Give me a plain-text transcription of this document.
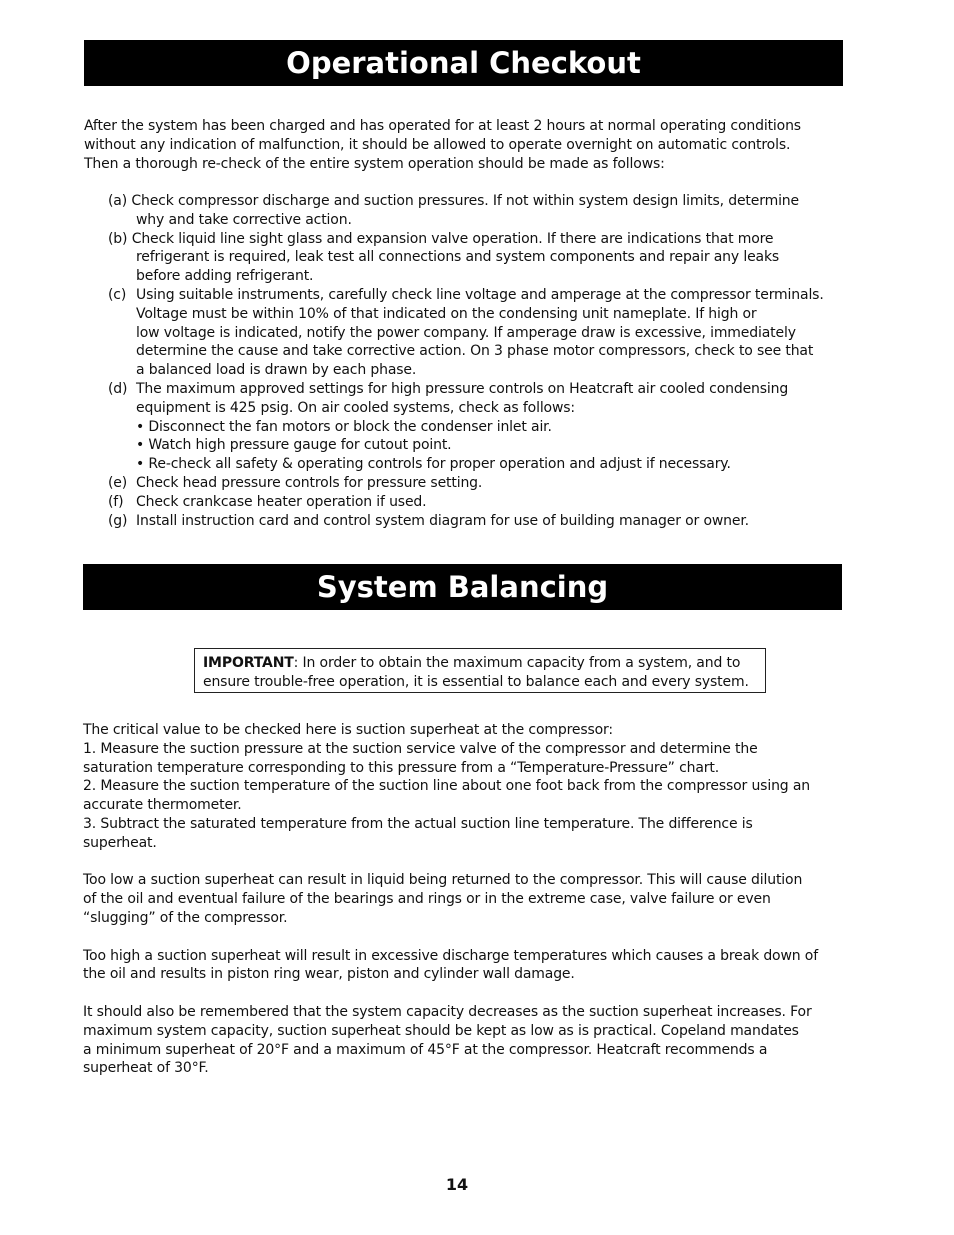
Operational Checkout

After the system has been charged and has operated for at least 2 hours at normal operating conditions

without any indication of malfunction, it should be allowed to operate overnight on automatic controls.

Then a thorough re-check of the entire system operation should be made as follows:

(a) Check compressor discharge and suction pressures. If not within system design limits, determine

why and take corrective action.

(b) Check liquid line sight glass and expansion valve operation. If there are indications that more

refrigerant is required, leak test all connections and system components and repair any leaks

before adding refrigerant.

(c) Using suitable instruments, carefully check line voltage and amperage at the compressor terminals.

Voltage must be within 10% of that indicated on the condensing unit nameplate. If high or

low voltage is indicated, notify the power company. If amperage draw is excessive, immediately

determine the cause and take corrective action. On 3 phase motor compressors, check to see that

a balanced load is drawn by each phase.

(d) The maximum approved settings for high pressure controls on Heatcraft air cooled condensing

equipment is 425 psig. On air cooled systems, check as follows:

• Disconnect the fan motors or block the condenser inlet air.

• Watch high pressure gauge for cutout point.

• Re-check all safety & operating controls for proper operation and adjust if necessary.

(e) Check head pressure controls for pressure setting.

(f) Check crankcase heater operation if used.

(g) Install instruction card and control system diagram for use of building manager or owner.

System Balancing

IMPORTANT: In order to obtain the maximum capacity from a system, and to

ensure trouble-free operation, it is essential to balance each and every system.

The critical value to be checked here is suction superheat at the compressor:

1. Measure the suction pressure at the suction service valve of the compressor and determine the

saturation temperature corresponding to this pressure from a “Temperature-Pressure” chart.

2. Measure the suction temperature of the suction line about one foot back from the compressor using an

accurate thermometer.

3. Subtract the saturated temperature from the actual suction line temperature. The difference is

superheat.

Too low a suction superheat can result in liquid being returned to the compressor. This will cause dilution

of the oil and eventual failure of the bearings and rings or in the extreme case, valve failure or even

“slugging” of the compressor.

Too high a suction superheat will result in excessive discharge temperatures which causes a break down of

the oil and results in piston ring wear, piston and cylinder wall damage.

It should also be remembered that the system capacity decreases as the suction superheat increases. For

maximum system capacity, suction superheat should be kept as low as is practical. Copeland mandates

a minimum superheat of 20°F and a maximum of 45°F at the compressor. Heatcraft recommends a

superheat of 30°F.

14
